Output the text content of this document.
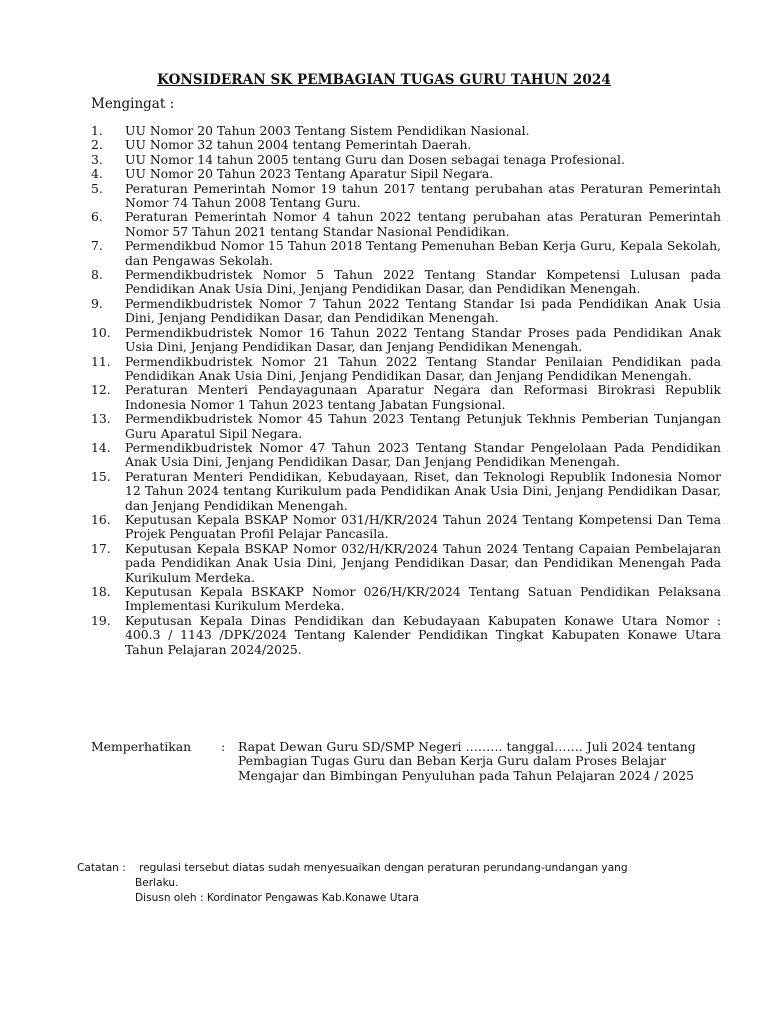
KONSIDERAN SK PEMBAGIAN TUGAS GURU TAHUN 2024
Mengingat :
1.	UU Nomor 20 Tahun 2003 Tentang Sistem Pendidikan Nasional.
2.	UU Nomor 32 tahun 2004 tentang Pemerintah Daerah.
3.	UU Nomor 14 tahun 2005 tentang Guru dan Dosen sebagai tenaga Profesional.
4.	UU Nomor 20 Tahun 2023 Tentang Aparatur Sipil Negara.
5.	Peraturan Pemerintah Nomor 19 tahun 2017 tentang perubahan atas Peraturan Pemerintah Nomor 74 Tahun 2008 Tentang Guru.
6.	Peraturan Pemerintah Nomor 4 tahun 2022 tentang perubahan atas Peraturan Pemerintah Nomor 57 Tahun 2021 tentang Standar Nasional Pendidikan.
7.	Permendikbud Nomor 15 Tahun 2018 Tentang Pemenuhan Beban Kerja Guru, Kepala Sekolah, dan Pengawas Sekolah.
8.	Permendikbudristek Nomor 5 Tahun 2022 Tentang Standar Kompetensi Lulusan pada Pendidikan Anak Usia Dini, Jenjang Pendidikan Dasar, dan Pendidikan Menengah.
9.	Permendikbudristek Nomor 7 Tahun 2022 Tentang Standar Isi pada Pendidikan Anak Usia Dini, Jenjang Pendidikan Dasar, dan Pendidikan Menengah.
10.	Permendikbudristek Nomor 16 Tahun 2022 Tentang Standar Proses pada Pendidikan Anak Usia Dini, Jenjang Pendidikan Dasar, dan Jenjang Pendidikan Menengah.
11.	Permendikbudristek Nomor 21 Tahun 2022 Tentang Standar Penilaian Pendidikan pada Pendidikan Anak Usia Dini, Jenjang Pendidikan Dasar, dan Jenjang Pendidikan Menengah.
12.	Peraturan Menteri Pendayagunaan Aparatur Negara dan Reformasi Birokrasi Republik Indonesia Nomor 1 Tahun 2023 tentang Jabatan Fungsional.
13.	Permendikbudristek Nomor 45 Tahun 2023 Tentang Petunjuk Tekhnis Pemberian Tunjangan Guru Aparatul Sipil Negara.
14.	Permendikbudristek Nomor 47 Tahun 2023 Tentang Standar Pengelolaan Pada Pendidikan Anak Usia Dini, Jenjang Pendidikan Dasar, Dan Jenjang Pendidikan Menengah.
15.	Peraturan Menteri Pendidikan, Kebudayaan, Riset, dan Teknologi Republik Indonesia Nomor 12 Tahun 2024 tentang Kurikulum pada Pendidikan Anak Usia Dini, Jenjang Pendidikan Dasar, dan Jenjang Pendidikan Menengah.
16.	Keputusan Kepala BSKAP Nomor 031/H/KR/2024 Tahun 2024 Tentang Kompetensi Dan Tema Projek Penguatan Profil Pelajar Pancasila.
17.	Keputusan Kepala BSKAP Nomor 032/H/KR/2024 Tahun 2024 Tentang Capaian Pembelajaran pada Pendidikan Anak Usia Dini, Jenjang Pendidikan Dasar, dan Pendidikan Menengah Pada Kurikulum Merdeka.
18.	Keputusan Kepala BSKAKP Nomor 026/H/KR/2024 Tentang Satuan Pendidikan Pelaksana Implementasi Kurikulum Merdeka.
19.	Keputusan Kepala Dinas Pendidikan dan Kebudayaan Kabupaten Konawe Utara Nomor : 400.3 / 1143 /DPK/2024 Tentang Kalender Pendidikan Tingkat Kabupaten Konawe Utara Tahun Pelajaran 2024/2025.
Memperhatikan	:	Rapat Dewan Guru SD/SMP Negeri ……… tanggal……. Juli 2024 tentang Pembagian Tugas Guru dan Beban Kerja Guru dalam Proses Belajar Mengajar dan Bimbingan Penyuluhan pada Tahun Pelajaran 2024 / 2025
Catatan :	regulasi tersebut diatas sudah menyesuaikan dengan peraturan perundang-undangan yang
Berlaku.
Disusn oleh : Kordinator Pengawas Kab.Konawe Utara
